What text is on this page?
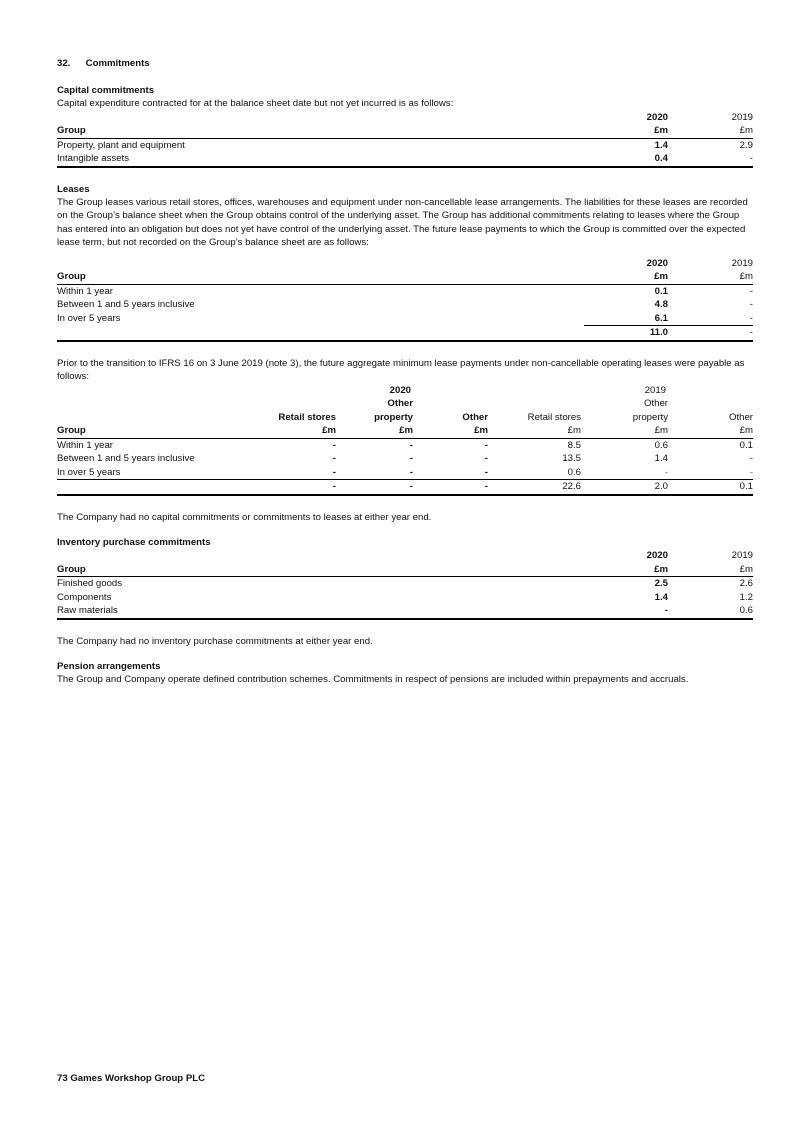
32. Commitments
Capital commitments
Capital expenditure contracted for at the balance sheet date but not yet incurred is as follows:
	2020	2019
Group	£m	£m
Property, plant and equipment	1.4	2.9
Intangible assets	0.4	-
Leases
The Group leases various retail stores, offices, warehouses and equipment under non-cancellable lease arrangements. The liabilities for these leases are recorded on the Group’s balance sheet when the Group obtains control of the underlying asset. The Group has additional commitments relating to leases where the Group has entered into an obligation but does not yet have control of the underlying asset. The future lease payments to which the Group is committed over the expected lease term, but not recorded on the Group’s balance sheet are as follows:
	2020	2019
Group	£m	£m
Within 1 year	0.1	-
Between 1 and 5 years inclusive	4.8	-
In over 5 years	6.1	-
	11.0	-
Prior to the transition to IFRS 16 on 3 June 2019 (note 3), the future aggregate minimum lease payments under non-cancellable operating leases were payable as follows:
		2020			2019	
		Other			Other	
	Retail stores	property	Other	Retail stores	property	Other
Group	£m	£m	£m	£m	£m	£m
Within 1 year	-	-	-	8.5	0.6	0.1
Between 1 and 5 years inclusive	-	-	-	13.5	1.4	-
In over 5 years	-	-	-	0.6	-	-
	-	-	-	22.6	2.0	0.1
The Company had no capital commitments or commitments to leases at either year end.
Inventory purchase commitments
	2020	2019
Group	£m	£m
Finished goods	2.5	2.6
Components	1.4	1.2
Raw materials	-	0.6
The Company had no inventory purchase commitments at either year end.
Pension arrangements
The Group and Company operate defined contribution schemes. Commitments in respect of pensions are included within prepayments and accruals.
73 Games Workshop Group PLC
